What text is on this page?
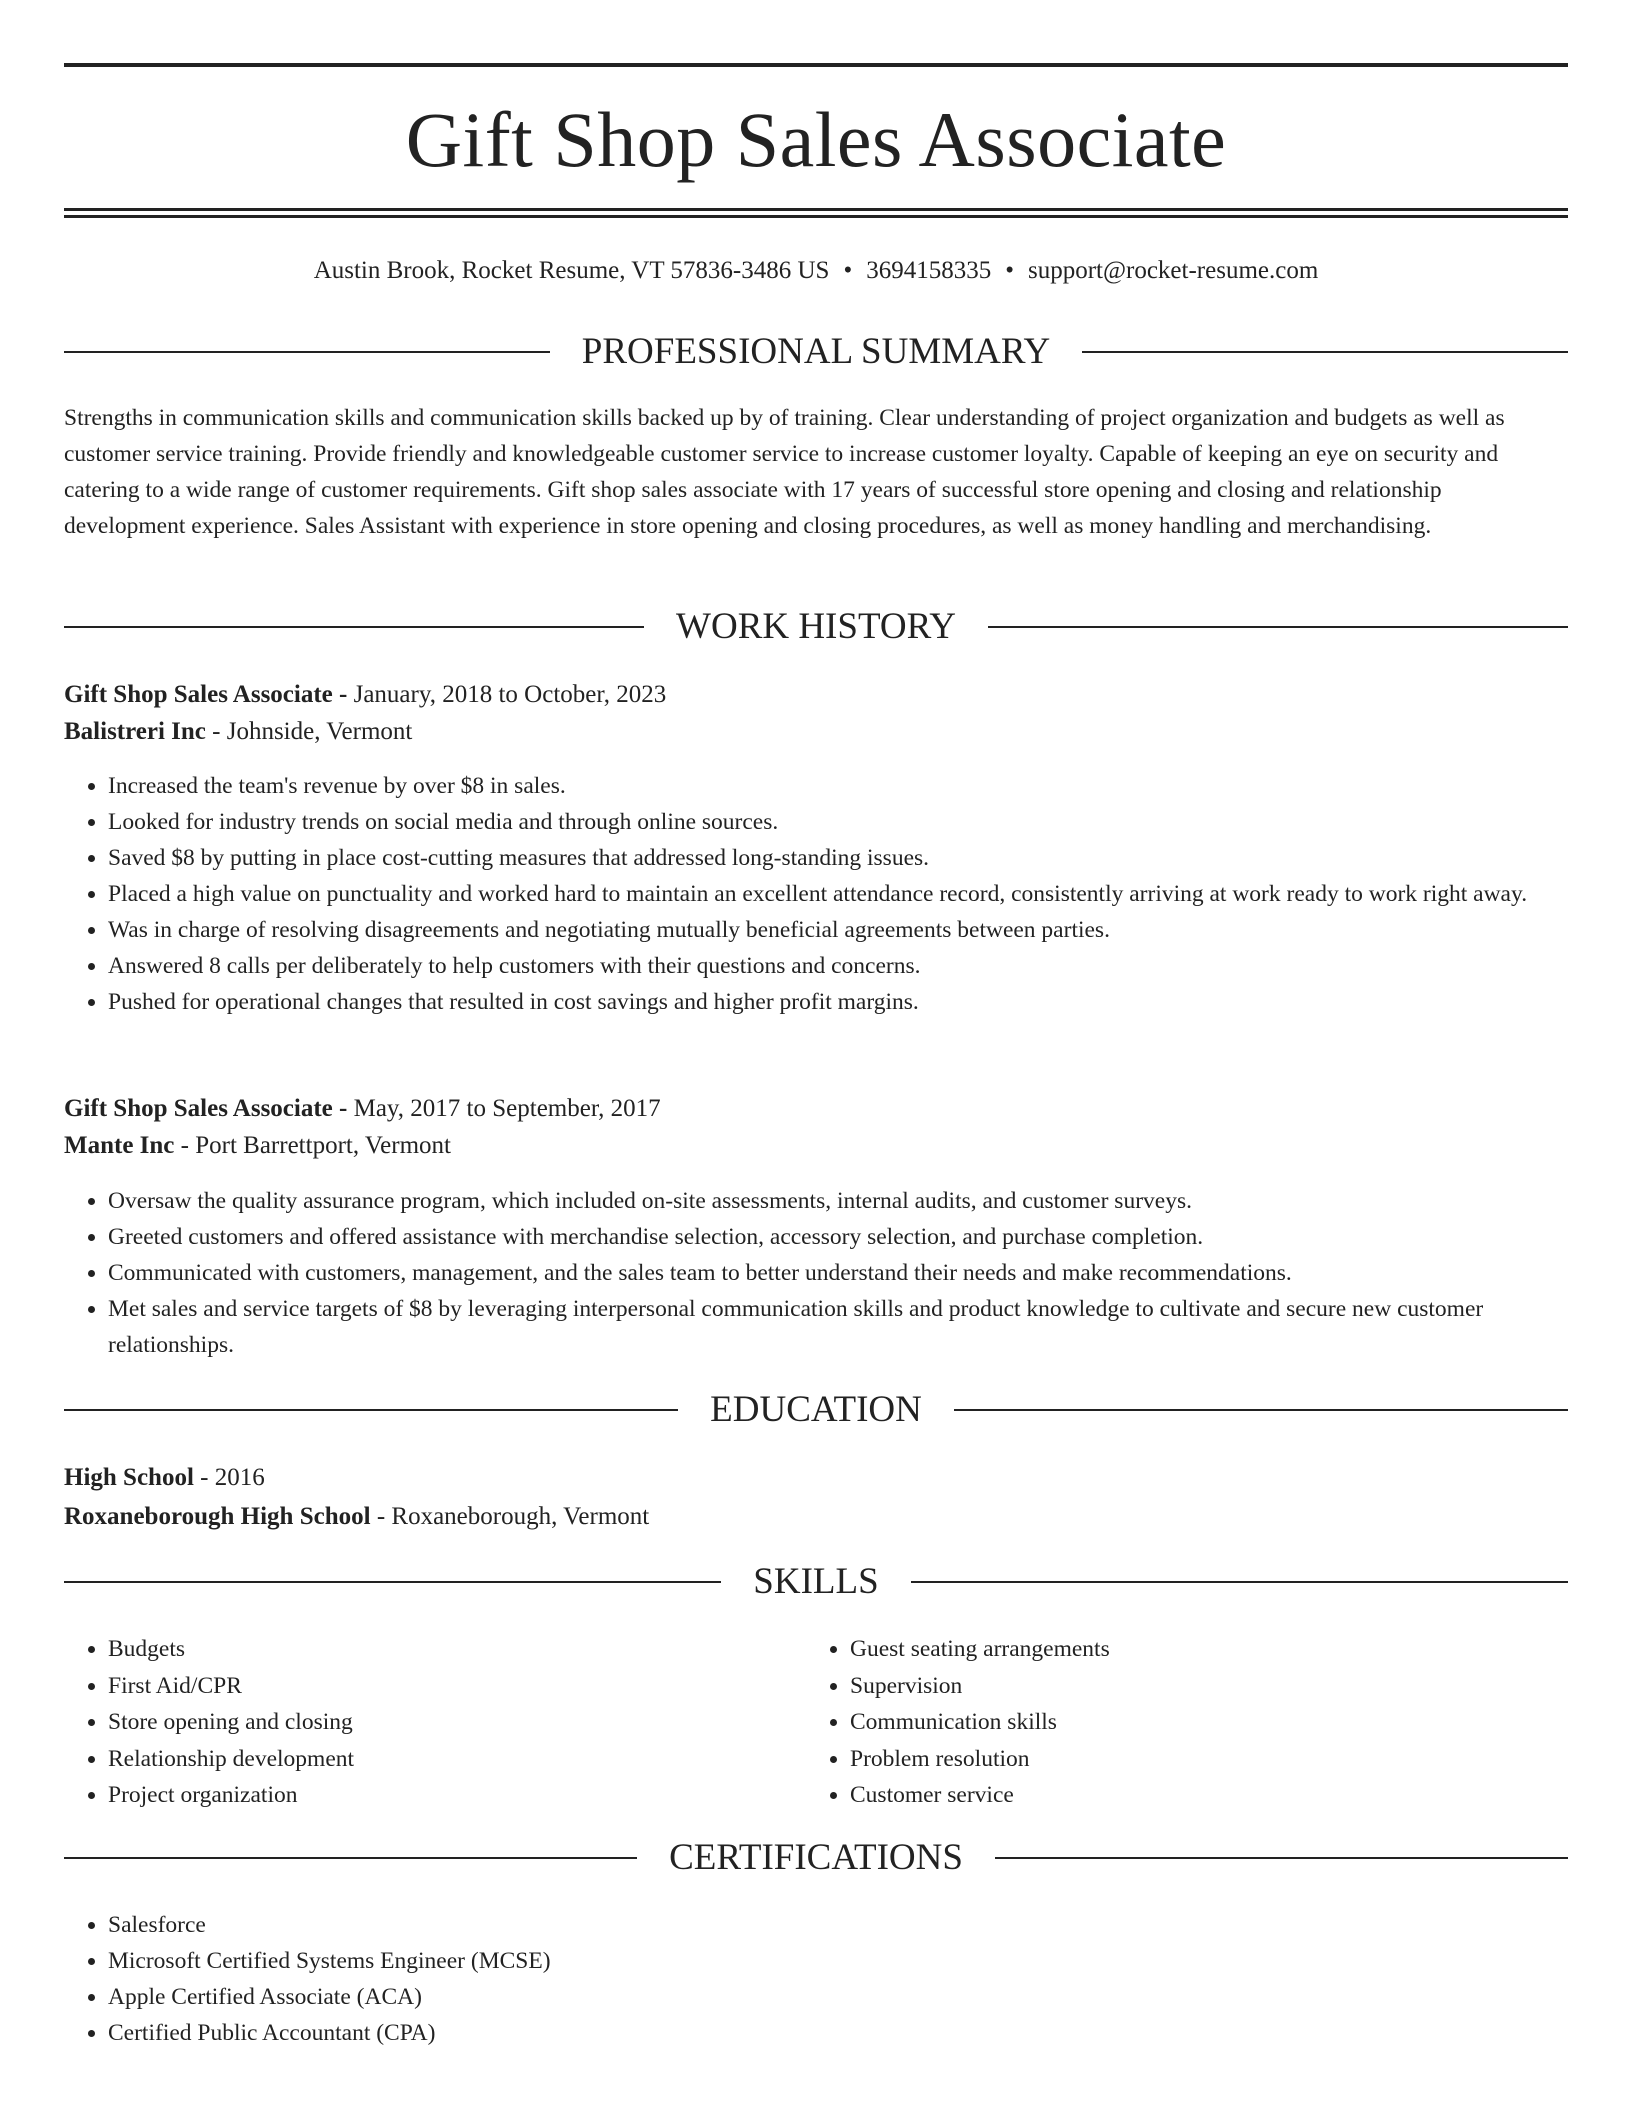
Gift Shop Sales Associate
Austin Brook, Rocket Resume, VT 57836-3486 US • 3694158335 • support@rocket-resume.com
PROFESSIONAL SUMMARY

Strengths in communication skills and communication skills backed up by of training. Clear understanding of project organization and budgets as well as customer service training. Provide friendly and knowledgeable customer service to increase customer loyalty. Capable of keeping an eye on security and catering to a wide range of customer requirements. Gift shop sales associate with 17 years of successful store opening and closing and relationship development experience. Sales Assistant with experience in store opening and closing procedures, as well as money handling and merchandising.

WORK HISTORY
Gift Shop Sales Associate - January, 2018 to October, 2023
Balistreri Inc - Johnside, Vermont
• Increased the team's revenue by over $8 in sales.
• Looked for industry trends on social media and through online sources.
• Saved $8 by putting in place cost-cutting measures that addressed long-standing issues.
• Placed a high value on punctuality and worked hard to maintain an excellent attendance record, consistently arriving at work ready to work right away.
• Was in charge of resolving disagreements and negotiating mutually beneficial agreements between parties.
• Answered 8 calls per deliberately to help customers with their questions and concerns.
• Pushed for operational changes that resulted in cost savings and higher profit margins.
Gift Shop Sales Associate - May, 2017 to September, 2017
Mante Inc - Port Barrettport, Vermont
• Oversaw the quality assurance program, which included on-site assessments, internal audits, and customer surveys.
• Greeted customers and offered assistance with merchandise selection, accessory selection, and purchase completion.
• Communicated with customers, management, and the sales team to better understand their needs and make recommendations.
• Met sales and service targets of $8 by leveraging interpersonal communication skills and product knowledge to cultivate and secure new customer relationships.
EDUCATION
High School - 2016
Roxaneborough High School - Roxaneborough, Vermont
SKILLS
• Budgets
• First Aid/CPR
• Store opening and closing
• Relationship development
• Project organization
• Guest seating arrangements
• Supervision
• Communication skills
• Problem resolution
• Customer service
CERTIFICATIONS
• Salesforce
• Microsoft Certified Systems Engineer (MCSE)
• Apple Certified Associate (ACA)
• Certified Public Accountant (CPA)
